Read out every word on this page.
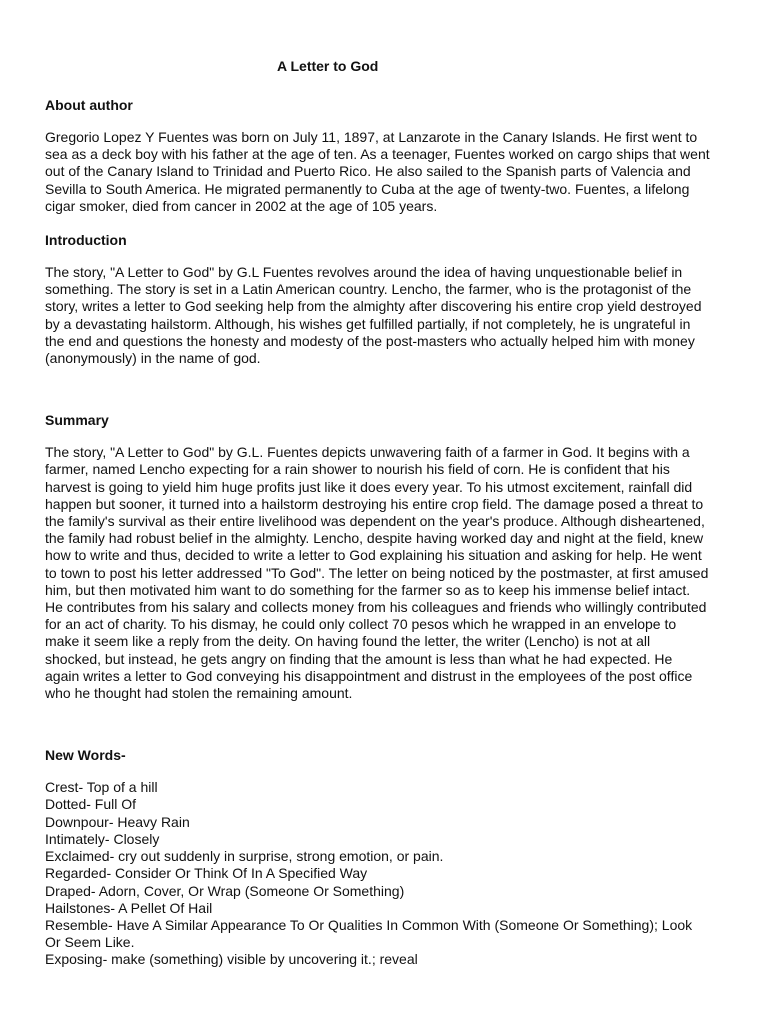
A Letter to God
About author

Gregorio Lopez Y Fuentes was born on July 11, 1897, at Lanzarote in the Canary Islands. He first went to sea as a deck boy with his father at the age of ten. As a teenager, Fuentes worked on cargo ships that went out of the Canary Island to Trinidad and Puerto Rico. He also sailed to the Spanish parts of Valencia and Sevilla to South America. He migrated permanently to Cuba at the age of twenty-two. Fuentes, a lifelong cigar smoker, died from cancer in 2002 at the age of 105 years.

Introduction

The story, "A Letter to God" by G.L Fuentes revolves around the idea of having unquestionable belief in something. The story is set in a Latin American country. Lencho, the farmer, who is the protagonist of the story, writes a letter to God seeking help from the almighty after discovering his entire crop yield destroyed by a devastating hailstorm. Although, his wishes get fulfilled partially, if not completely, he is ungrateful in the end and questions the honesty and modesty of the post-masters who actually helped him with money (anonymously) in the name of god.

Summary

The story, "A Letter to God" by G.L. Fuentes depicts unwavering faith of a farmer in God. It begins with a farmer, named Lencho expecting for a rain shower to nourish his field of corn. He is confident that his harvest is going to yield him huge profits just like it does every year. To his utmost excitement, rainfall did happen but sooner, it turned into a hailstorm destroying his entire crop field. The damage posed a threat to the family's survival as their entire livelihood was dependent on the year's produce. Although disheartened, the family had robust belief in the almighty. Lencho, despite having worked day and night at the field, knew how to write and thus, decided to write a letter to God explaining his situation and asking for help. He went to town to post his letter addressed "To God". The letter on being noticed by the postmaster, at first amused him, but then motivated him want to do something for the farmer so as to keep his immense belief intact. He contributes from his salary and collects money from his colleagues and friends who willingly contributed for an act of charity. To his dismay, he could only collect 70 pesos which he wrapped in an envelope to make it seem like a reply from the deity. On having found the letter, the writer (Lencho) is not at all shocked, but instead, he gets angry on finding that the amount is less than what he had expected. He again writes a letter to God conveying his disappointment and distrust in the employees of the post office who he thought had stolen the remaining amount.

New Words-
Crest- Top of a hill
Dotted- Full Of
Downpour- Heavy Rain
Intimately- Closely
Exclaimed- cry out suddenly in surprise, strong emotion, or pain.
Regarded- Consider Or Think Of In A Specified Way
Draped- Adorn, Cover, Or Wrap (Someone Or Something)
Hailstones- A Pellet Of Hail
Resemble- Have A Similar Appearance To Or Qualities In Common With (Someone Or Something); Look Or Seem Like.
Exposing- make (something) visible by uncovering it.; reveal
